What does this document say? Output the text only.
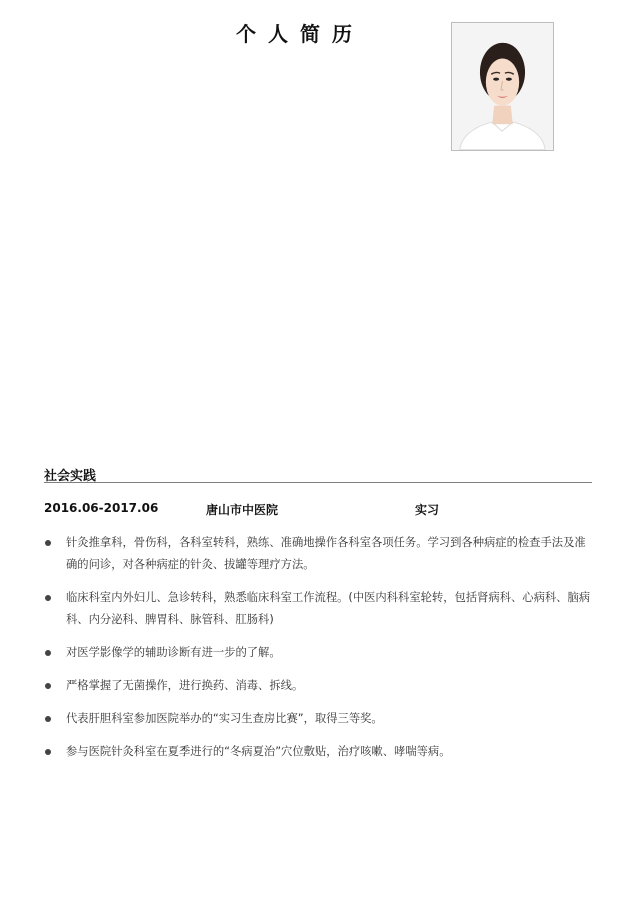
个人简历
社会实践
2016.06-2017.06	唐山市中医院	实习
针灸推拿科，骨伤科，各科室转科，熟练、准确地操作各科室各项任务。学习到各种病症的检查手法及准确的问诊，对各种病症的针灸、拔罐等理疗方法。
临床科室内外妇儿、急诊转科，熟悉临床科室工作流程。(中医内科科室轮转，包括肾病科、心病科、脑病科、内分泌科、脾胃科、脉管科、肛肠科)
对医学影像学的辅助诊断有进一步的了解。
严格掌握了无菌操作，进行换药、消毒、拆线。
代表肝胆科室参加医院举办的“实习生查房比赛”，取得三等奖。
参与医院针灸科室在夏季进行的“冬病夏治”穴位敷贴，治疗咳嗽、哮喘等病。
